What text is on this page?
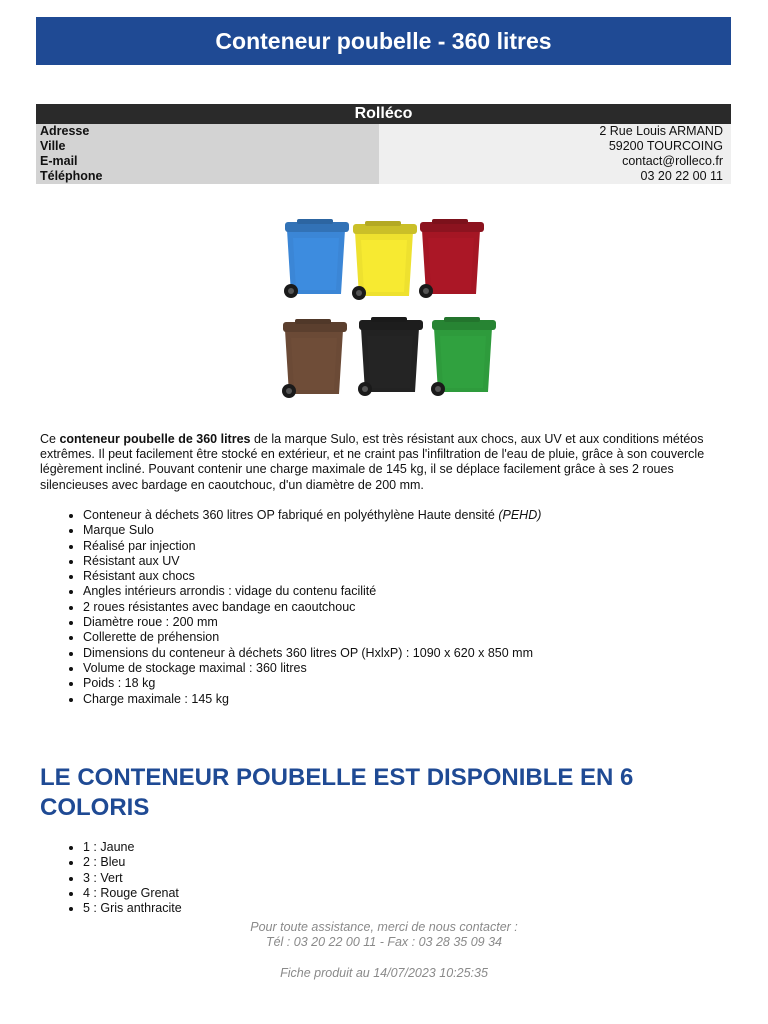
Conteneur poubelle - 360 litres
Rolléco
Adresse	2 Rue Louis ARMAND
Ville	59200 TOURCOING
E-mail	contact@rolleco.fr
Téléphone	03 20 22 00 11
Ce conteneur poubelle de 360 litres de la marque Sulo, est très résistant aux chocs, aux UV et aux conditions météos extrêmes. Il peut facilement être stocké en extérieur, et ne craint pas l'infiltration de l'eau de pluie, grâce à son couvercle légèrement incliné. Pouvant contenir une charge maximale de 145 kg, il se déplace facilement grâce à ses 2 roues silencieuses avec bardage en caoutchouc, d'un diamètre de 200 mm.
• Conteneur à déchets 360 litres OP fabriqué en polyéthylène Haute densité (PEHD)
• Marque Sulo
• Réalisé par injection
• Résistant aux UV
• Résistant aux chocs
• Angles intérieurs arrondis : vidage du contenu facilité
• 2 roues résistantes avec bandage en caoutchouc
• Diamètre roue : 200 mm
• Collerette de préhension
• Dimensions du conteneur à déchets 360 litres OP (HxlxP) : 1090 x 620 x 850 mm
• Volume de stockage maximal : 360 litres
• Poids : 18 kg
• Charge maximale : 145 kg
LE CONTENEUR POUBELLE EST DISPONIBLE EN 6 COLORIS
• 1 : Jaune
• 2 : Bleu
• 3 : Vert
• 4 : Rouge Grenat
• 5 : Gris anthracite
Pour toute assistance, merci de nous contacter :
Tél : 03 20 22 00 11 - Fax : 03 28 35 09 34
Fiche produit au 14/07/2023 10:25:35
